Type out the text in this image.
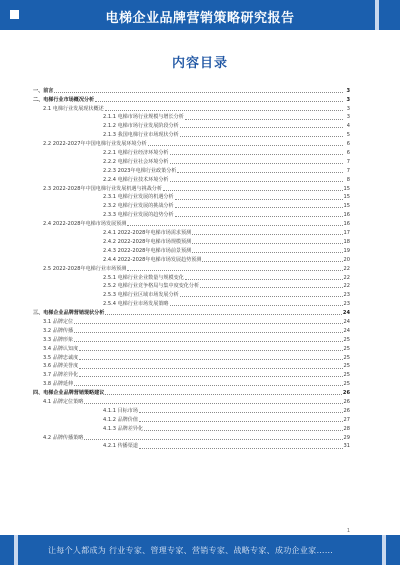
电梯企业品牌营销策略研究报告
内容目录
一、前言	3
二、电梯行业市场概况分析	3
2.1 电梯行业发展现状概述	3
2.1.1 电梯市场行业规模与增长分析	3
2.1.2 电梯市场行业发展阶段分析	4
2.1.3 我国电梯行业市场现状分析	5
2.2 2022-2027年中国电梯行业发展环境分析	6
2.2.1 电梯行业经济环境分析	6
2.2.2 电梯行业社会环境分析	7
2.2.3 2023年电梯行业政策分析	7
2.2.4 电梯行业技术环境分析	8
2.3 2022-2028年中国电梯行业发展机遇与挑战分析	15
2.3.1 电梯行业发展的机遇分析	15
2.3.2 电梯行业发展的挑战分析	15
2.3.3 电梯行业发展的趋势分析	16
2.4 2022-2028年电梯市场发展预测	16
2.4.1 2022-2028年电梯市场需求预测	17
2.4.2 2022-2028年电梯市场规模预测	18
2.4.3 2022-2028年电梯市场前景预测	19
2.4.4 2022-2028年电梯市场发展趋势预测	20
2.5 2022-2028年电梯行业市场预测	22
2.5.1 电梯行业企业数量与规模变化	22
2.5.2 电梯行业竞争格局与集中度变化分析	22
2.5.3 电梯行业区域市场发展分析	23
2.5.4 电梯行业市场发展策略	23
三、电梯企业品牌营销现状分析	24
3.1 品牌定位	24
3.2 品牌传播	24
3.3 品牌形象	25
3.4 品牌认知度	25
3.5 品牌忠诚度	25
3.6 品牌美誉度	25
3.7 品牌差异化	25
3.8 品牌延伸	25
四、电梯企业品牌营销策略建议	26
4.1 品牌定位策略	26
4.1.1 目标市场	26
4.1.2 品牌价值	27
4.1.3 品牌差异化	28
4.2 品牌传播策略	29
4.2.1 传播渠道	31
1
让每个人都成为 行业专家、管理专家、营销专家、战略专家、成功企业家……
